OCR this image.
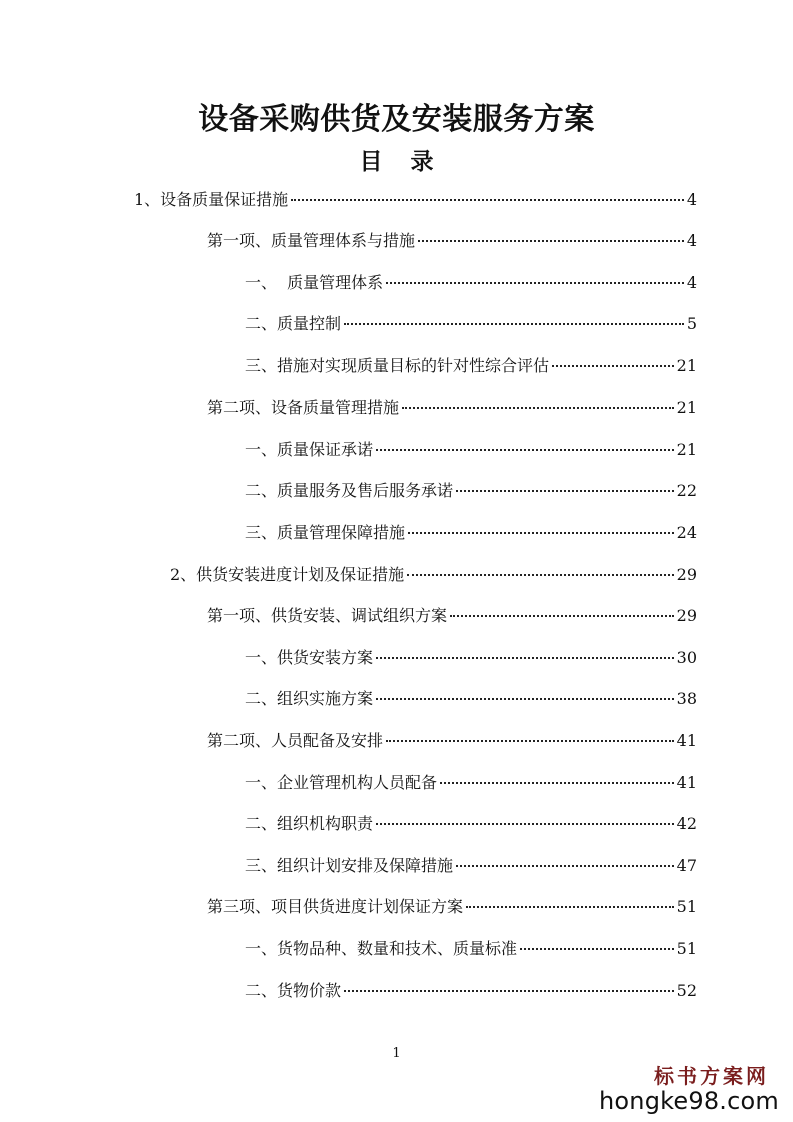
设备采购供货及安装服务方案
目 录
1、设备质量保证措施	4
第一项、质量管理体系与措施	4
一、  质量管理体系	4
二、质量控制	5
三、措施对实现质量目标的针对性综合评估	21
第二项、设备质量管理措施	21
一、质量保证承诺	21
二、质量服务及售后服务承诺	22
三、质量管理保障措施	24
2、供货安装进度计划及保证措施	29
第一项、供货安装、调试组织方案	29
一、供货安装方案	30
二、组织实施方案	38
第二项、人员配备及安排	41
一、企业管理机构人员配备	41
二、组织机构职责	42
三、组织计划安排及保障措施	47
第三项、项目供货进度计划保证方案	51
一、货物品种、数量和技术、质量标准	51
二、货物价款	52
1
标书方案网
hongke98.com
